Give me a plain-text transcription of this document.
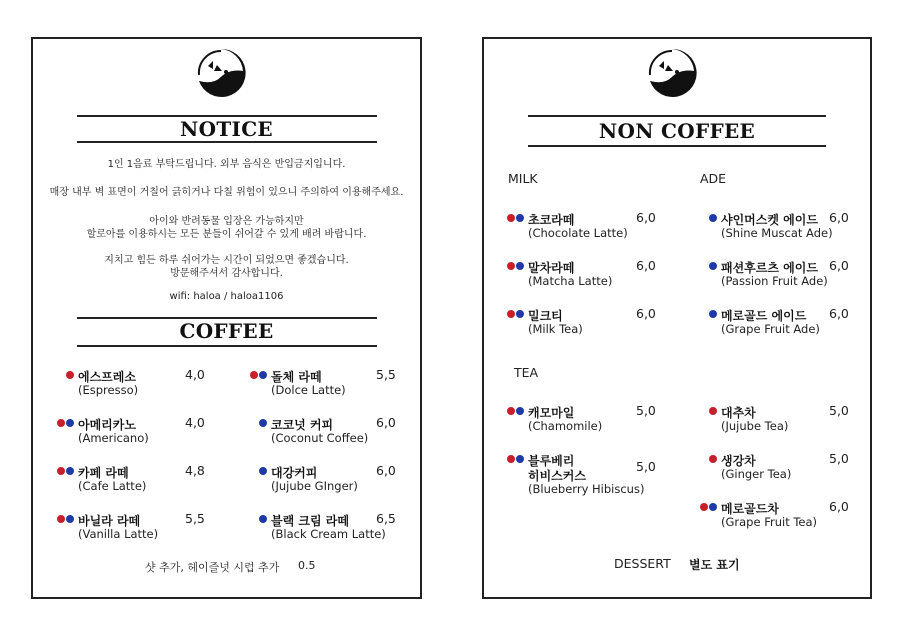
NOTICE
1인 1음료 부탁드립니다. 외부 음식은 반입금지입니다.
매장 내부 벽 표면이 거칠어 긁히거나 다칠 위험이 있으니 주의하여 이용해주세요.
아이와 반려동물 입장은 가능하지만
할로아를 이용하시는 모든 분들이 쉬어갈 수 있게 배려 바랍니다.
지치고 힘든 하루 쉬어가는 시간이 되었으면 좋겠습니다.
방문해주셔서 감사합니다.
wifi: haloa / haloa1106
COFFEE
에스프레소
(Espresso)
4,0
아메리카노
(Americano)
4,0
카페 라떼
(Cafe Latte)
4,8
바닐라 라떼
(Vanilla Latte)
5,5
돌체 라떼
(Dolce Latte)
5,5
코코넛 커피
(Coconut Coffee)
6,0
대강커피
(Jujube GInger)
6,0
블랙 크림 라떼
(Black Cream Latte)
6,5
샷 추가, 헤이즐넛 시럽 추가 0.5
NON COFFEE
MILK	ADE
TEA
초코라떼
(Chocolate Latte)
6,0
말차라떼
(Matcha Latte)
6,0
밀크티
(Milk Tea)
6,0
샤인머스켓 에이드
(Shine Muscat Ade)
6,0
패션후르츠 에이드
(Passion Fruit Ade)
6,0
메로골드 에이드
(Grape Fruit Ade)
6,0
캐모마일
(Chamomile)
5,0
블루베리
히비스커스
(Blueberry Hibiscus)
5,0
대추차
(Jujube Tea)
5,0
생강차
(Ginger Tea)
5,0
메로골드차
(Grape Fruit Tea)
6,0
DESSERT 별도 표기
